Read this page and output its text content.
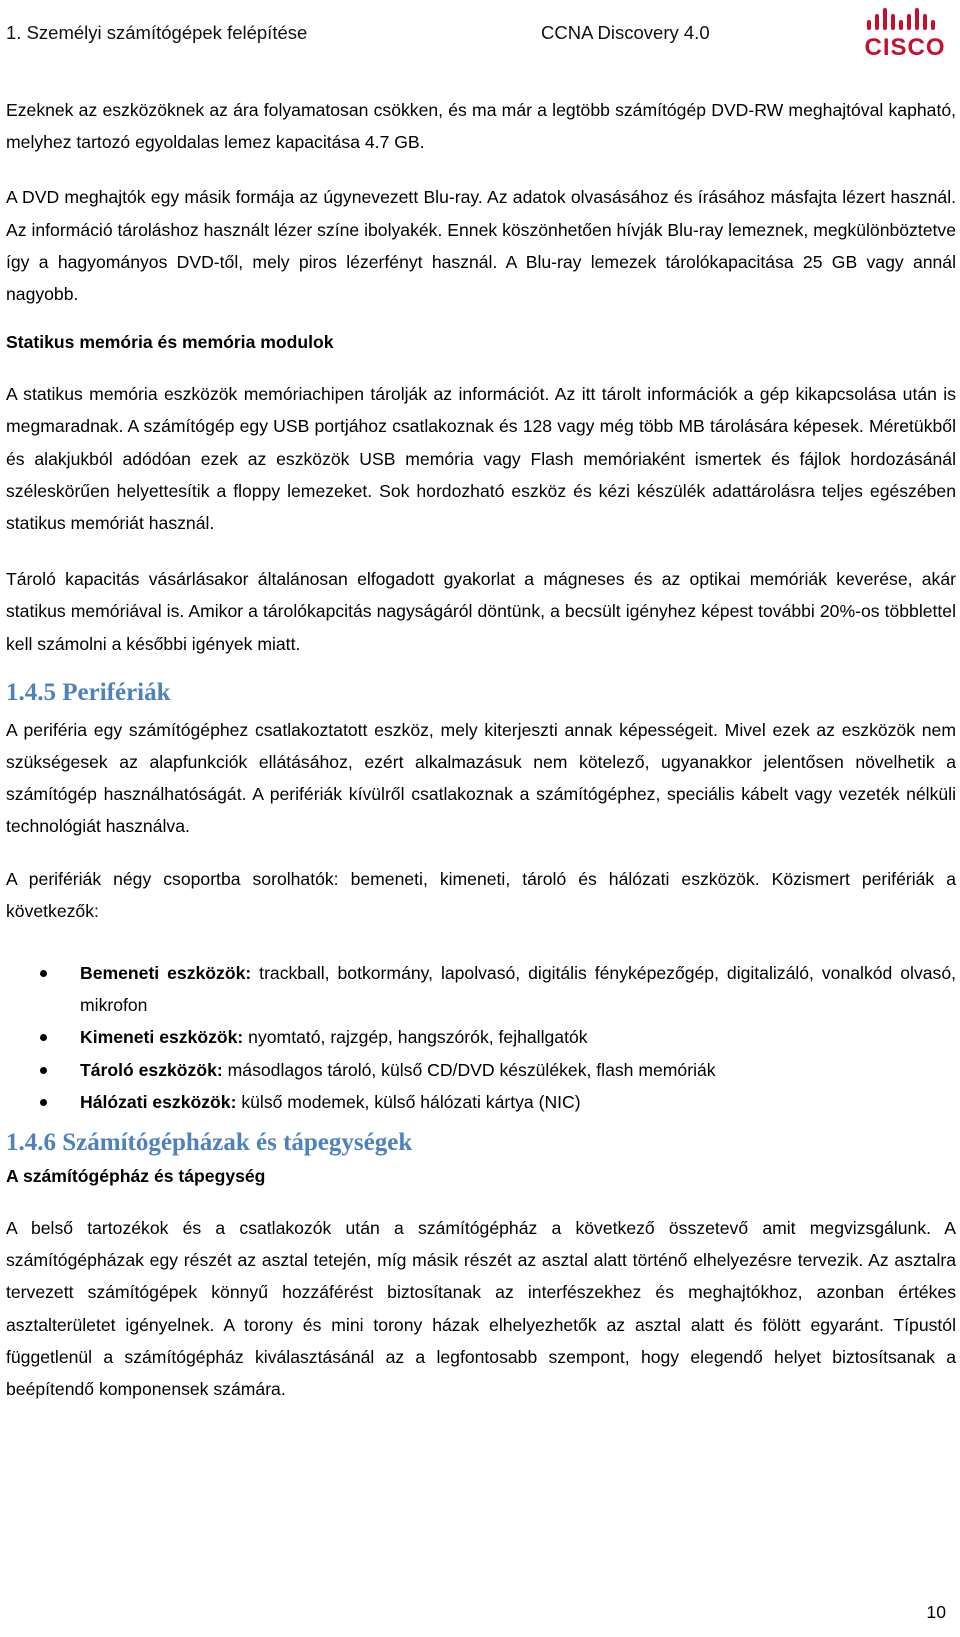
1. Személyi számítógépek felépítése	CCNA Discovery 4.0
CISCO

Ezeknek az eszközöknek az ára folyamatosan csökken, és ma már a legtöbb számítógép DVD-RW meghajtóval kapható, melyhez tartozó egyoldalas lemez kapacitása 4.7 GB.

A DVD meghajtók egy másik formája az úgynevezett Blu-ray. Az adatok olvasásához és írásához másfajta lézert használ. Az információ tároláshoz használt lézer színe ibolyakék. Ennek köszönhetően hívják Blu-ray lemeznek, megkülönböztetve így a hagyományos DVD-től, mely piros lézerfényt használ. A Blu-ray lemezek tárolókapacitása 25 GB vagy annál nagyobb.

Statikus memória és memória modulok

A statikus memória eszközök memóriachipen tárolják az információt. Az itt tárolt információk a gép kikapcsolása után is megmaradnak. A számítógép egy USB portjához csatlakoznak és 128 vagy még több MB tárolására képesek. Méretükből és alakjukból adódóan ezek az eszközök USB memória vagy Flash memóriaként ismertek és fájlok hordozásánál széleskörűen helyettesítik a floppy lemezeket. Sok hordozható eszköz és kézi készülék adattárolásra teljes egészében statikus memóriát használ.

Tároló kapacitás vásárlásakor általánosan elfogadott gyakorlat a mágneses és az optikai memóriák keverése, akár statikus memóriával is. Amikor a tárolókapcitás nagyságáról döntünk, a becsült igényhez képest további 20%-os többlettel kell számolni a későbbi igények miatt.

1.4.5 Perifériák

A periféria egy számítógéphez csatlakoztatott eszköz, mely kiterjeszti annak képességeit. Mivel ezek az eszközök nem szükségesek az alapfunkciók ellátásához, ezért alkalmazásuk nem kötelező, ugyanakkor jelentősen növelhetik a számítógép használhatóságát. A perifériák kívülről csatlakoznak a számítógéphez, speciális kábelt vagy vezeték nélküli technológiát használva.

A perifériák négy csoportba sorolhatók: bemeneti, kimeneti, tároló és hálózati eszközök. Közismert perifériák a következők:

Bemeneti eszközök: trackball, botkormány, lapolvasó, digitális fényképezőgép, digitalizáló, vonalkód olvasó, mikrofon
Kimeneti eszközök: nyomtató, rajzgép, hangszórók, fejhallgatók
Tároló eszközök: másodlagos tároló, külső CD/DVD készülékek, flash memóriák
Hálózati eszközök: külső modemek, külső hálózati kártya (NIC)
1.4.6 Számítógépházak és tápegységek

A számítógépház és tápegység

A belső tartozékok és a csatlakozók után a számítógépház a következő összetevő amit megvizsgálunk. A számítógépházak egy részét az asztal tetején, míg másik részét az asztal alatt történő elhelyezésre tervezik. Az asztalra tervezett számítógépek könnyű hozzáférést biztosítanak az interfészekhez és meghajtókhoz, azonban értékes asztalterületet igényelnek. A torony és mini torony házak elhelyezhetők az asztal alatt és fölött egyaránt. Típustól függetlenül a számítógépház kiválasztásánál az a legfontosabb szempont, hogy elegendő helyet biztosítsanak a beépítendő komponensek számára.

10
